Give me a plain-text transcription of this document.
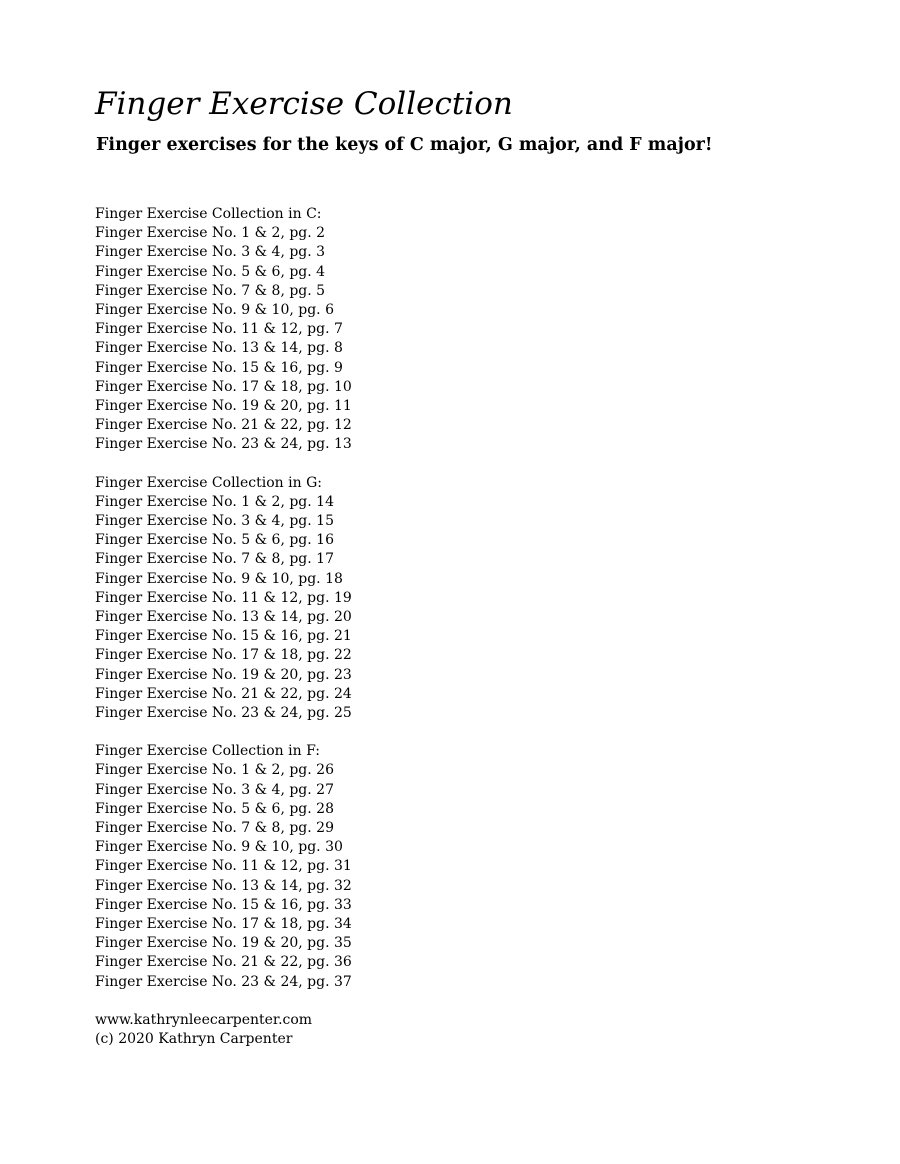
Finger Exercise Collection
Finger exercises for the keys of C major, G major, and F major!
Finger Exercise Collection in C:
Finger Exercise No. 1 & 2, pg. 2
Finger Exercise No. 3 & 4, pg. 3
Finger Exercise No. 5 & 6, pg. 4
Finger Exercise No. 7 & 8, pg. 5
Finger Exercise No. 9 & 10, pg. 6
Finger Exercise No. 11 & 12, pg. 7
Finger Exercise No. 13 & 14, pg. 8
Finger Exercise No. 15 & 16, pg. 9
Finger Exercise No. 17 & 18, pg. 10
Finger Exercise No. 19 & 20, pg. 11
Finger Exercise No. 21 & 22, pg. 12
Finger Exercise No. 23 & 24, pg. 13
Finger Exercise Collection in G:
Finger Exercise No. 1 & 2, pg. 14
Finger Exercise No. 3 & 4, pg. 15
Finger Exercise No. 5 & 6, pg. 16
Finger Exercise No. 7 & 8, pg. 17
Finger Exercise No. 9 & 10, pg. 18
Finger Exercise No. 11 & 12, pg. 19
Finger Exercise No. 13 & 14, pg. 20
Finger Exercise No. 15 & 16, pg. 21
Finger Exercise No. 17 & 18, pg. 22
Finger Exercise No. 19 & 20, pg. 23
Finger Exercise No. 21 & 22, pg. 24
Finger Exercise No. 23 & 24, pg. 25
Finger Exercise Collection in F:
Finger Exercise No. 1 & 2, pg. 26
Finger Exercise No. 3 & 4, pg. 27
Finger Exercise No. 5 & 6, pg. 28
Finger Exercise No. 7 & 8, pg. 29
Finger Exercise No. 9 & 10, pg. 30
Finger Exercise No. 11 & 12, pg. 31
Finger Exercise No. 13 & 14, pg. 32
Finger Exercise No. 15 & 16, pg. 33
Finger Exercise No. 17 & 18, pg. 34
Finger Exercise No. 19 & 20, pg. 35
Finger Exercise No. 21 & 22, pg. 36
Finger Exercise No. 23 & 24, pg. 37
www.kathrynleecarpenter.com
(c) 2020 Kathryn Carpenter
